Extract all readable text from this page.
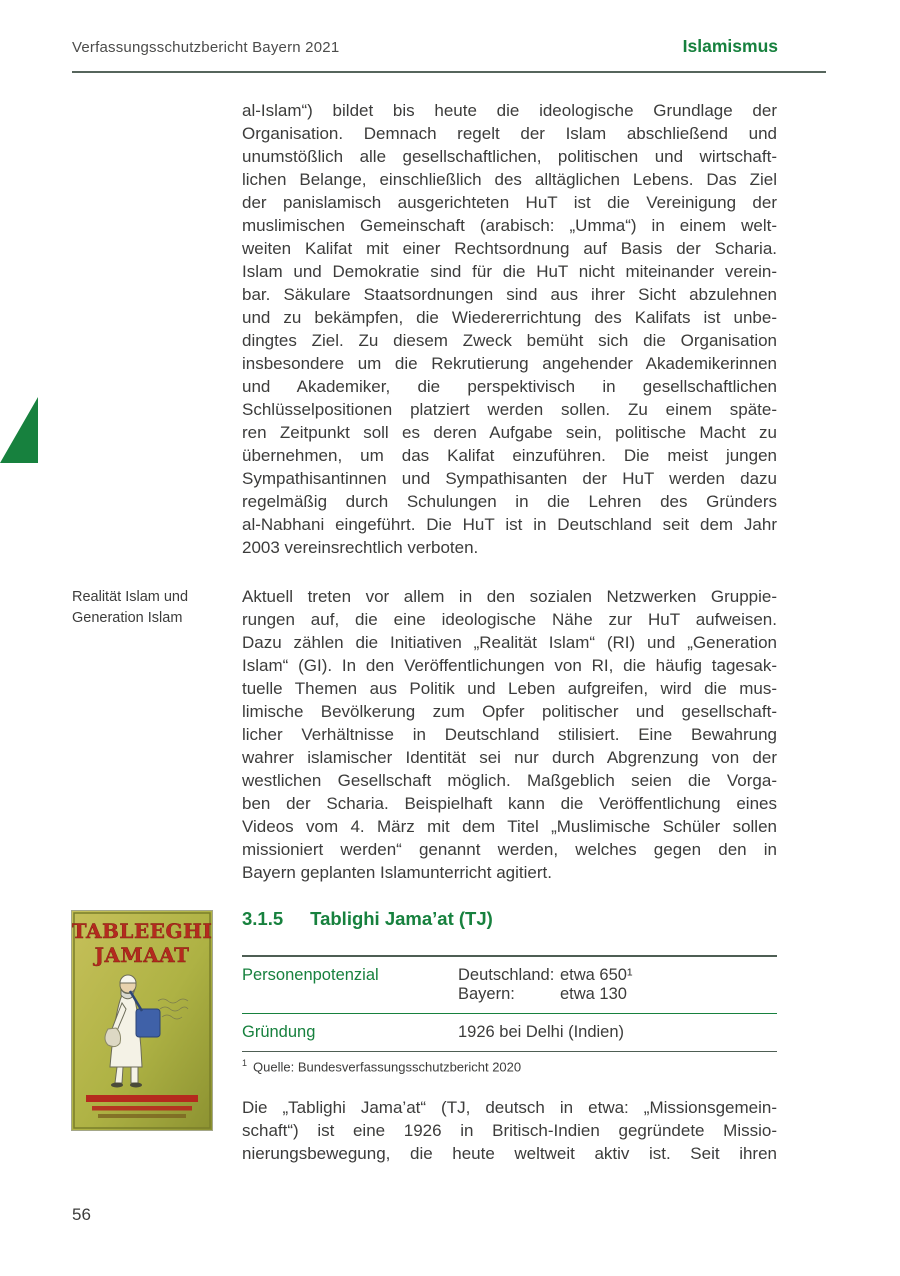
Verfassungsschutzbericht Bayern 2021	Islamismus
al-Islam“) bildet bis heute die ideologische Grundlage der
Organisation. Demnach regelt der Islam abschließend und
unumstößlich alle gesellschaftlichen, politischen und wirtschaft-
lichen Belange, einschließlich des alltäglichen Lebens. Das Ziel
der panislamisch ausgerichteten HuT ist die Vereinigung der
muslimischen Gemeinschaft (arabisch: „Umma“) in einem welt-
weiten Kalifat mit einer Rechtsordnung auf Basis der Scharia.
Islam und Demokratie sind für die HuT nicht miteinander verein-
bar. Säkulare Staatsordnungen sind aus ihrer Sicht abzulehnen
und zu bekämpfen, die Wiedererrichtung des Kalifats ist unbe-
dingtes Ziel. Zu diesem Zweck bemüht sich die Organisation
insbesondere um die Rekrutierung angehender Akademikerinnen
und Akademiker, die perspektivisch in gesellschaftlichen
Schlüsselpositionen platziert werden sollen. Zu einem späte-
ren Zeitpunkt soll es deren Aufgabe sein, politische Macht zu
übernehmen, um das Kalifat einzuführen. Die meist jungen
Sympathisantinnen und Sympathisanten der HuT werden dazu
regelmäßig durch Schulungen in die Lehren des Gründers
al-Nabhani eingeführt. Die HuT ist in Deutschland seit dem Jahr
2003 vereinsrechtlich verboten.
Realität Islam und
Generation Islam
Aktuell treten vor allem in den sozialen Netzwerken Gruppie-
rungen auf, die eine ideologische Nähe zur HuT aufweisen.
Dazu zählen die Initiativen „Realität Islam“ (RI) und „Generation
Islam“ (GI). In den Veröffentlichungen von RI, die häufig tagesak-
tuelle Themen aus Politik und Leben aufgreifen, wird die mus-
limische Bevölkerung zum Opfer politischer und gesellschaft-
licher Verhältnisse in Deutschland stilisiert. Eine Bewahrung
wahrer islamischer Identität sei nur durch Abgrenzung von der
westlichen Gesellschaft möglich. Maßgeblich seien die Vorga-
ben der Scharia. Beispielhaft kann die Veröffentlichung eines
Videos vom 4. März mit dem Titel „Muslimische Schüler sollen
missioniert werden“ genannt werden, welches gegen den in
Bayern geplanten Islamunterricht agitiert.
3.1.5 Tablighi Jama’at (TJ)
Personenpotenzial	Deutschland: etwa 650¹
Bayern:	etwa 130
Gründung	1926 bei Delhi (Indien)
$^1$ Quelle: Bundesverfassungsschutzbericht 2020
Die „Tablighi Jama’at“ (TJ, deutsch in etwa: „Missionsgemein-
schaft“) ist eine 1926 in Britisch-Indien gegründete Missio-
nierungsbewegung, die heute weltweit aktiv ist. Seit ihren
TABLEEGHI
JAMAAT
56
